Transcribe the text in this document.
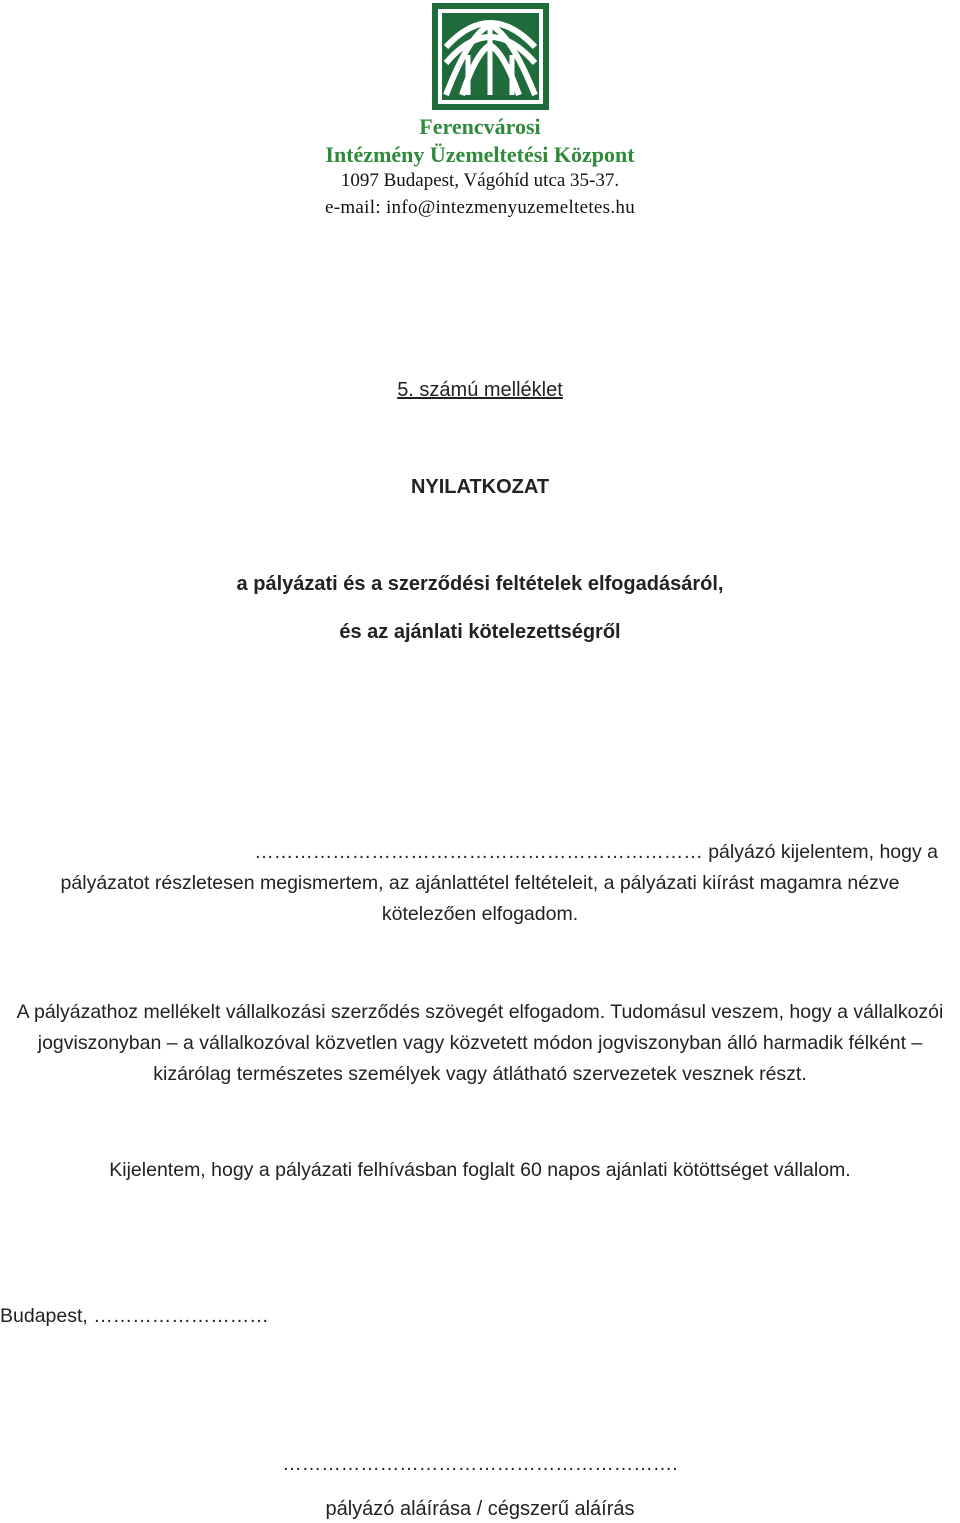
Ferencvárosi
Intézmény Üzemeltetési Központ
1097 Budapest, Vágóhíd utca 35-37.
e-mail: info@intezmenyuzemeltetes.hu
5. számú melléklet
NYILATKOZAT
a pályázati és a szerződési feltételek elfogadásáról,
és az ajánlati kötelezettségről
…………………………………………………………… pályázó kijelentem, hogy a
pályázatot részletesen megismertem, az ajánlattétel feltételeit, a pályázati kiírást magamra nézve kötelezően elfogadom.
A pályázathoz mellékelt vállalkozási szerződés szövegét elfogadom. Tudomásul veszem, hogy a vállalkozói jogviszonyban – a vállalkozóval közvetlen vagy közvetett módon jogviszonyban álló harmadik félként – kizárólag természetes személyek vagy átlátható szervezetek vesznek részt.
Kijelentem, hogy a pályázati felhívásban foglalt 60 napos ajánlati kötöttséget vállalom.
Budapest, ………………………
…………………………………………………….
pályázó aláírása / cégszerű aláírás
